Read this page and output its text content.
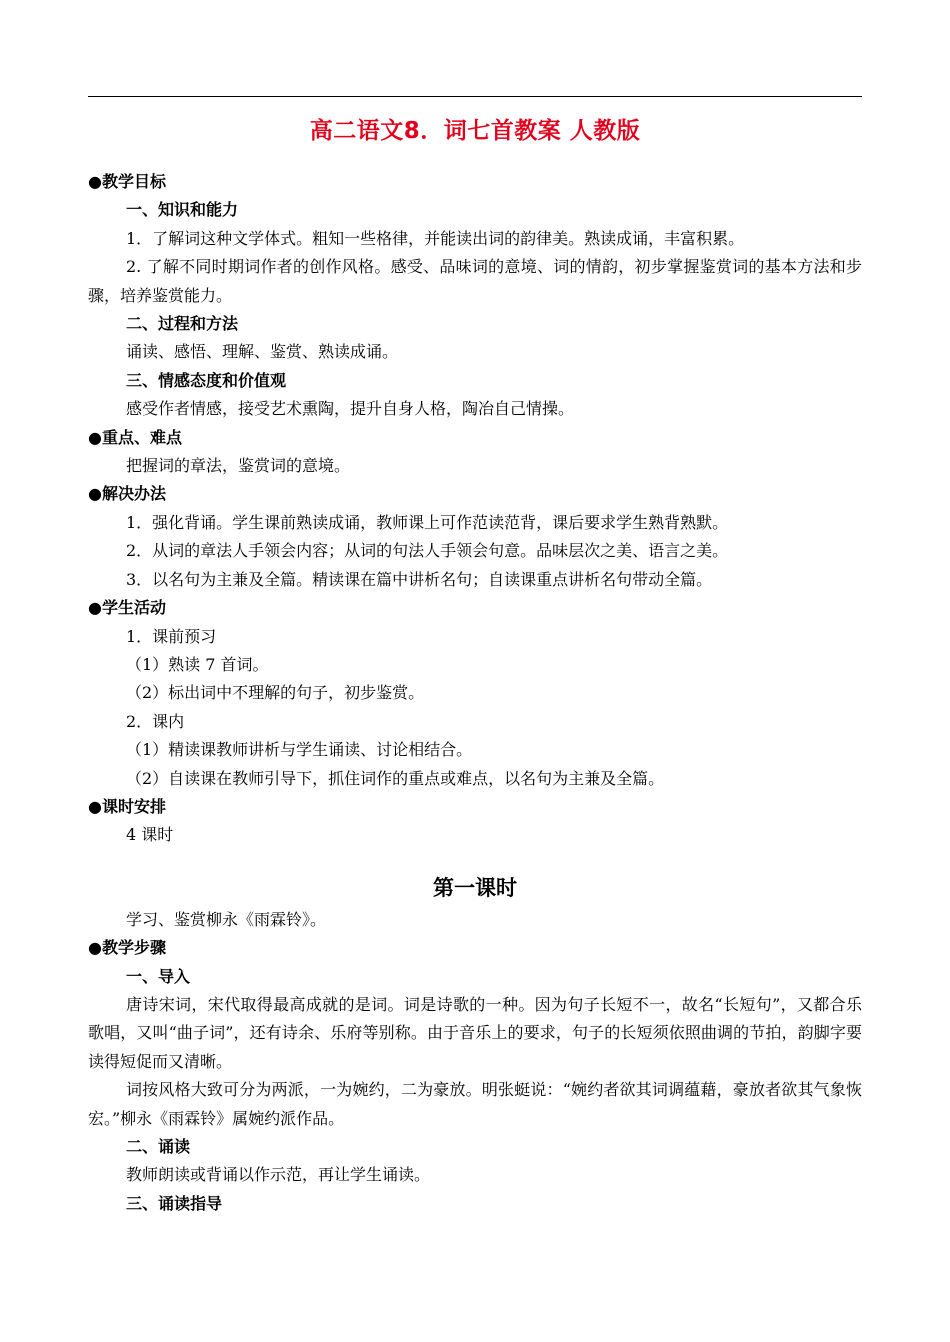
高二语文8．词七首教案 人教版

●教学目标

一、知识和能力

1．了解词这种文学体式。粗知一些格律，并能读出词的韵律美。熟读成诵，丰富积累。

2. 了解不同时期词作者的创作风格。感受、品味词的意境、词的情韵，初步掌握鉴赏词的基本方法和步骤，培养鉴赏能力。

二、过程和方法

诵读、感悟、理解、鉴赏、熟读成诵。

三、情感态度和价值观

感受作者情感，接受艺术熏陶，提升自身人格，陶冶自己情操。

●重点、难点

把握词的章法，鉴赏词的意境。

●解决办法

1．强化背诵。学生课前熟读成诵，教师课上可作范读范背，课后要求学生熟背熟默。

2．从词的章法人手领会内容；从词的句法人手领会句意。品味层次之美、语言之美。

3．以名句为主兼及全篇。精读课在篇中讲析名句；自读课重点讲析名句带动全篇。

●学生活动

1．课前预习

（1）熟读 7 首词。

（2）标出词中不理解的句子，初步鉴赏。

2．课内

（1）精读课教师讲析与学生诵读、讨论相结合。

（2）自读课在教师引导下，抓住词作的重点或难点，以名句为主兼及全篇。

●课时安排

4 课时

第一课时

学习、鉴赏柳永《雨霖铃》。

●教学步骤

一、导入

唐诗宋词，宋代取得最高成就的是词。词是诗歌的一种。因为句子长短不一，故名“长短句”，又都合乐歌唱，又叫“曲子词”，还有诗余、乐府等别称。由于音乐上的要求，句子的长短须依照曲调的节拍，韵脚字要读得短促而又清晰。

词按风格大致可分为两派，一为婉约，二为豪放。明张蜓说：“婉约者欲其词调蕴藉，豪放者欲其气象恢宏。”柳永《雨霖铃》属婉约派作品。

二、诵读

教师朗读或背诵以作示范，再让学生诵读。

三、诵读指导
